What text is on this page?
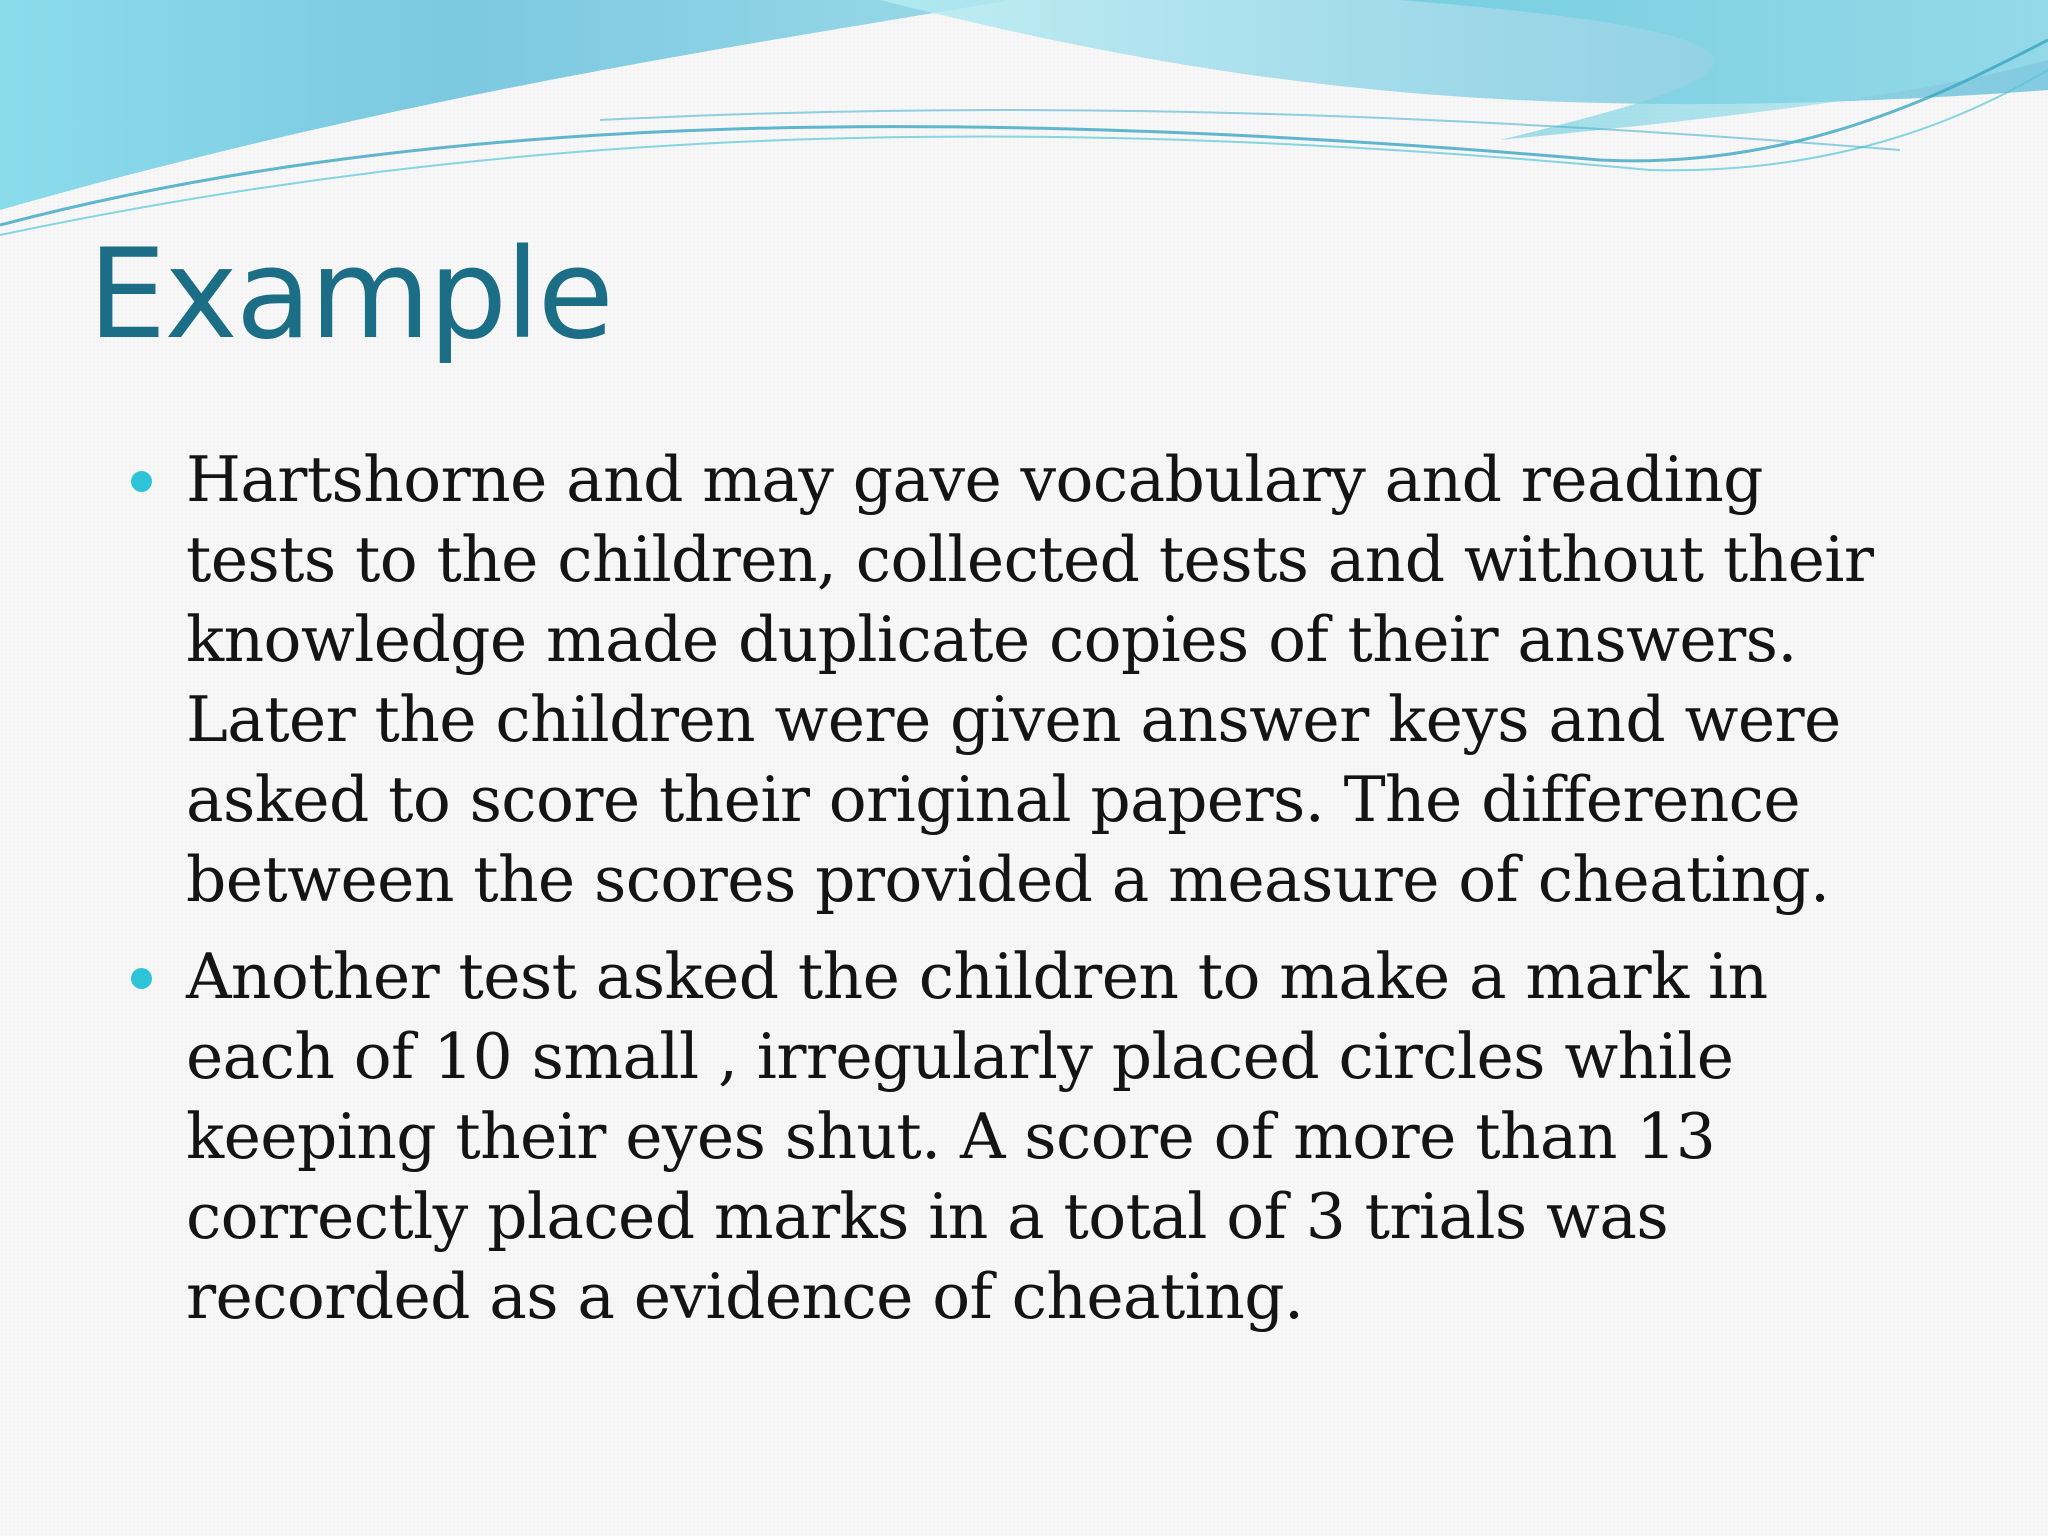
Example
Hartshorne and may gave vocabulary and reading tests to the children, collected tests and without their knowledge made duplicate copies of their answers. Later the children were given answer keys and were asked to score their original papers. The difference between the scores provided a measure of cheating.
Another test asked the children to make a mark in each of 10 small , irregularly placed circles while keeping their eyes shut. A score of more than 13 correctly placed marks in a total of 3 trials was recorded as a evidence of cheating.
